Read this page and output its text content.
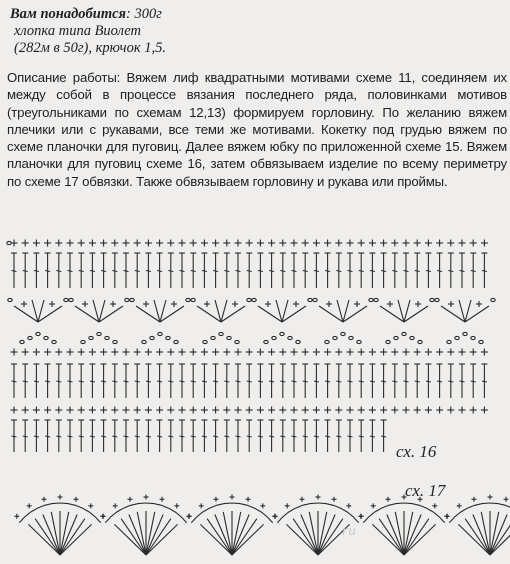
Вам понадобится: 300г
хлопка типа Виолет
(282м в 50г), крючок 1,5.
Описание работы: Вяжем лиф квадратными мотивами схеме 11, соединяем их между собой в процессе вязания последнего ряда, половинками мотивов (треугольниками по схемам 12,13) формируем горловину. По желанию вяжем плечики или с рукавами, все теми же мотивами. Кокетку под грудью вяжем по схеме планочки для пуговиц. Далее вяжем юбку по приложенной схеме 15. Вяжем планочки для пуговиц схеме 16, затем обвязываем изделие по всему периметру по схеме 17 обвязки. Также обвязываем горловину и рукава или проймы.
сх. 16
сх. 17
ru
